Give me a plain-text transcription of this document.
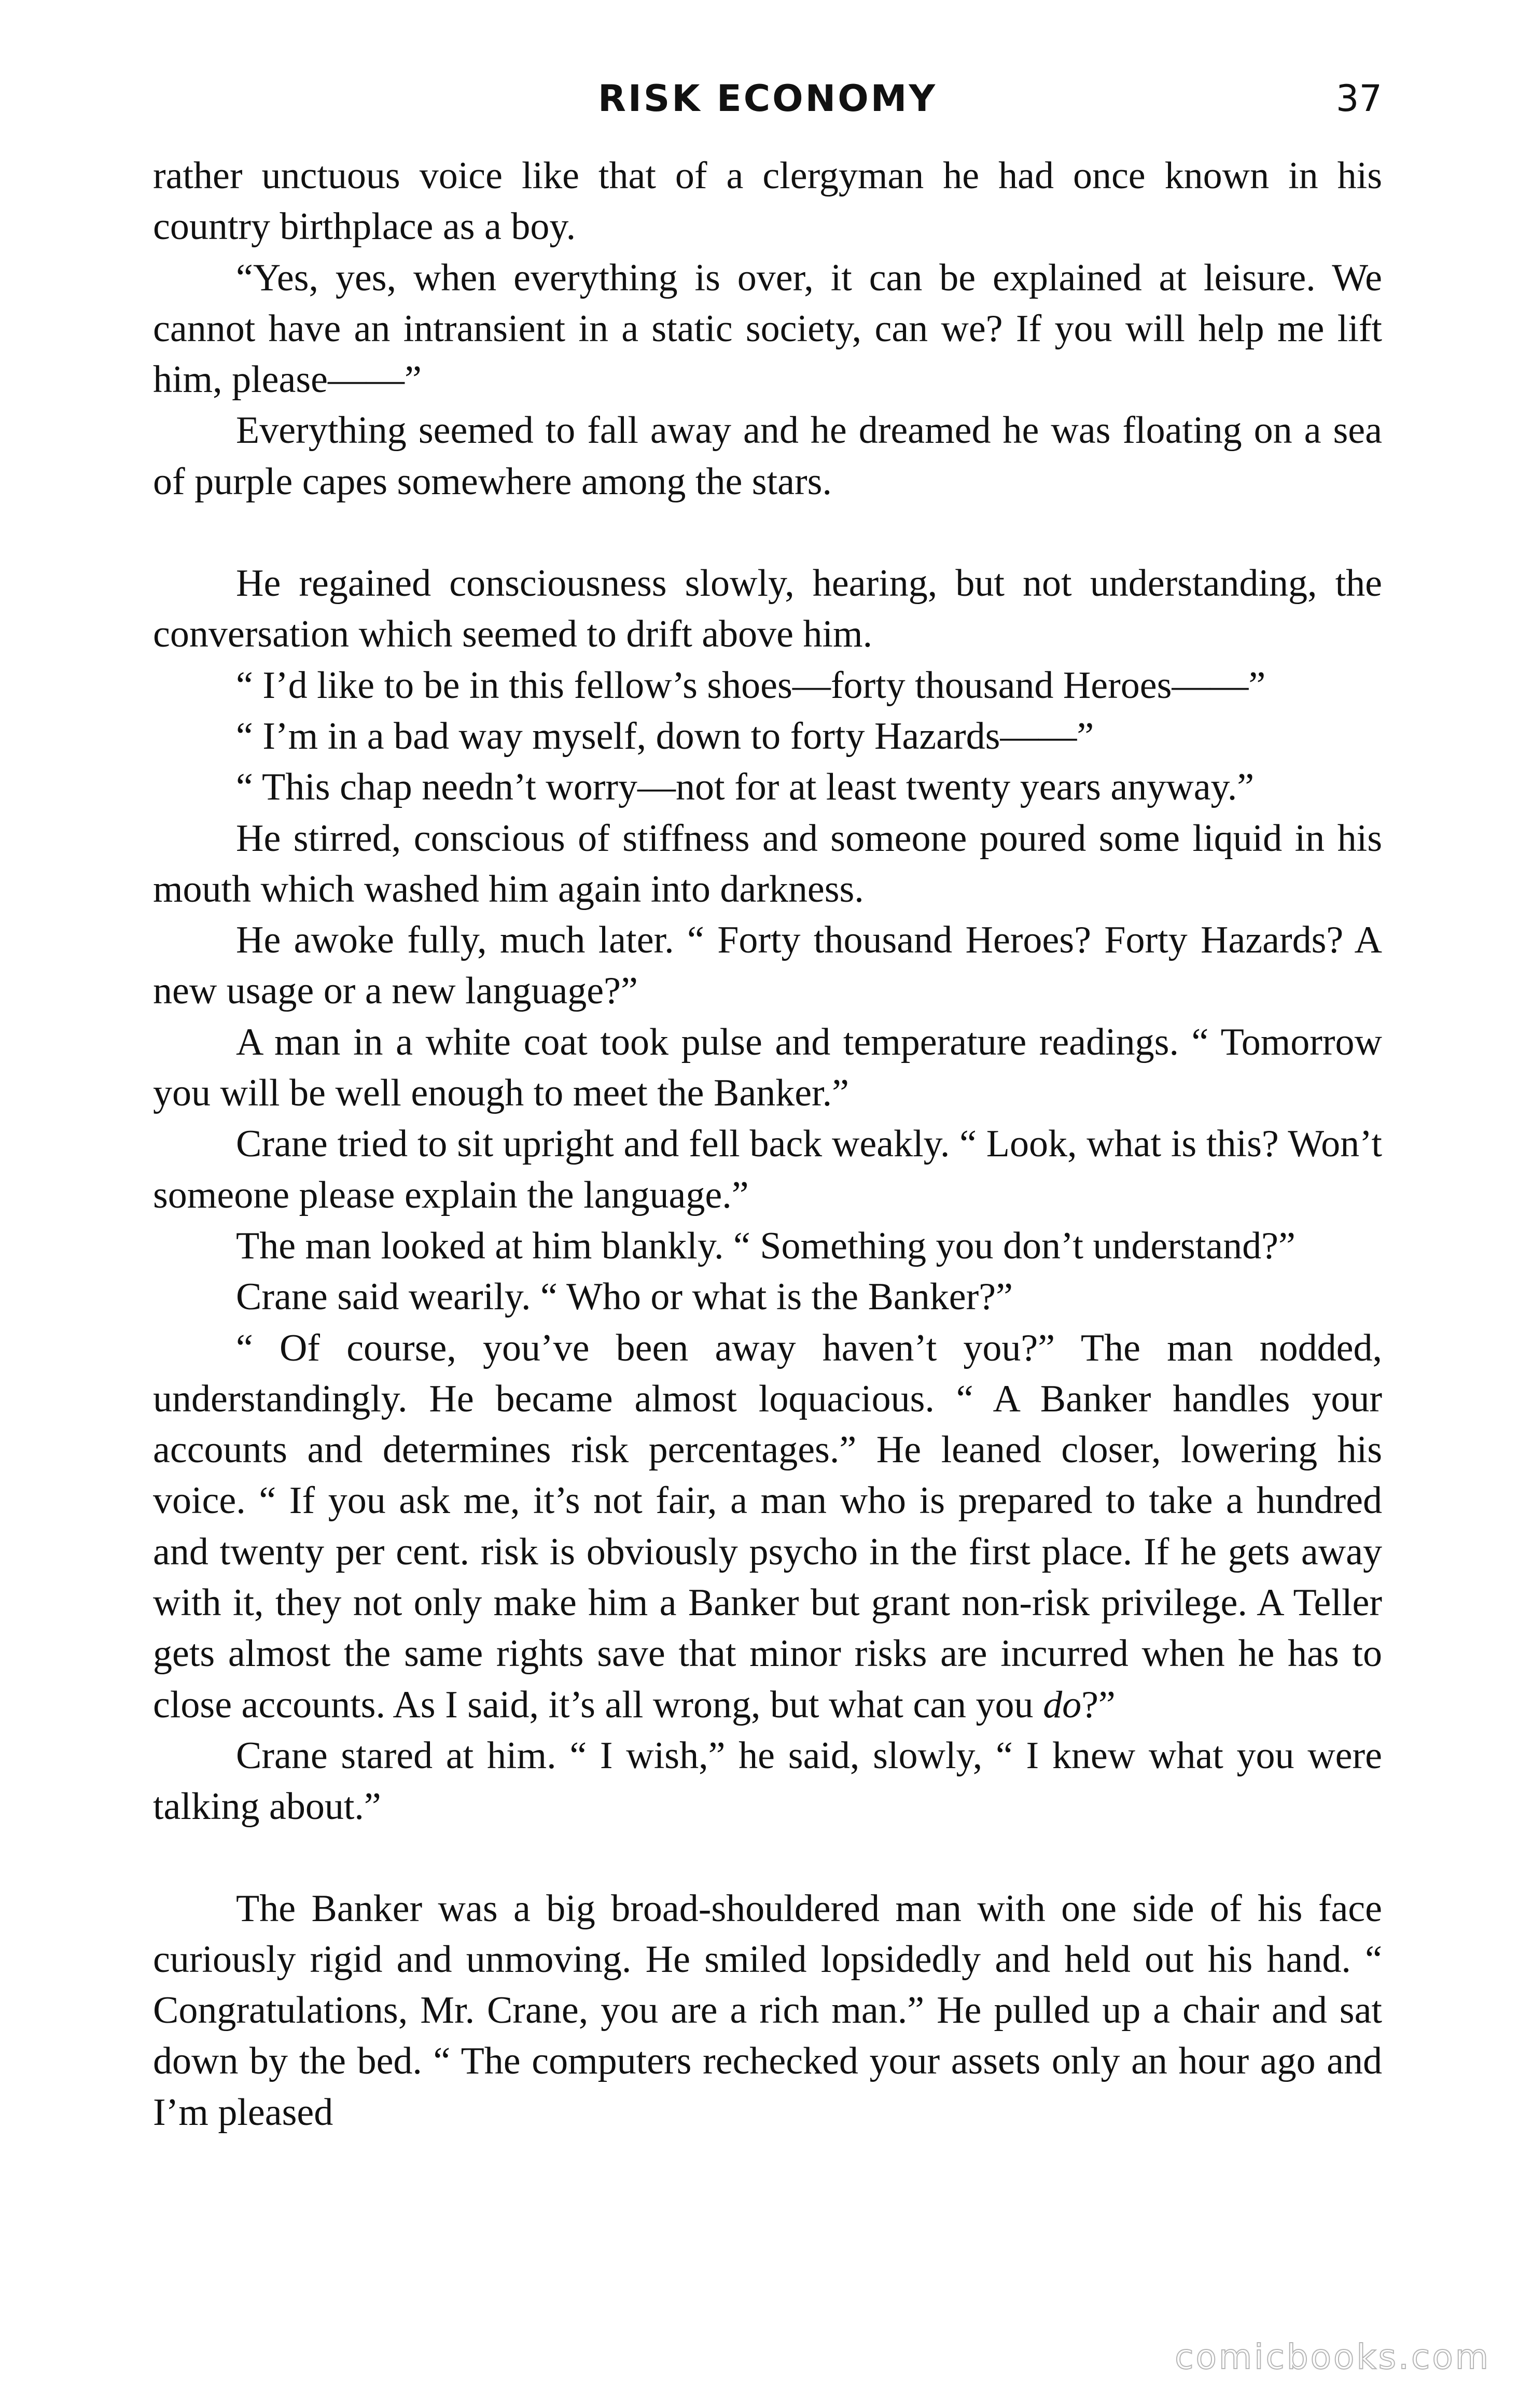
RISK ECONOMY	37

rather unctuous voice like that of a clergyman he had once known in his country birthplace as a boy.

“Yes, yes, when everything is over, it can be explained at leisure. We cannot have an intransient in a static society, can we? If you will help me lift him, please——”

Everything seemed to fall away and he dreamed he was floating on a sea of purple capes somewhere among the stars.

He regained consciousness slowly, hearing, but not understanding, the conversation which seemed to drift above him.

“ I’d like to be in this fellow’s shoes—forty thousand Heroes——”

“ I’m in a bad way myself, down to forty Hazards——”

“ This chap needn’t worry—not for at least twenty years anyway.”

He stirred, conscious of stiffness and someone poured some liquid in his mouth which washed him again into darkness.

He awoke fully, much later. “ Forty thousand Heroes? Forty Hazards? A new usage or a new language?”

A man in a white coat took pulse and temperature readings. “ Tomorrow you will be well enough to meet the Banker.”

Crane tried to sit upright and fell back weakly. “ Look, what is this? Won’t someone please explain the language.”

The man looked at him blankly. “ Something you don’t understand?”

Crane said wearily. “ Who or what is the Banker?”

“ Of course, you’ve been away haven’t you?” The man nodded, understandingly. He became almost loquacious. “ A Banker handles your accounts and determines risk percentages.” He leaned closer, lowering his voice. “ If you ask me, it’s not fair, a man who is prepared to take a hundred and twenty per cent. risk is obviously psycho in the first place. If he gets away with it, they not only make him a Banker but grant non-risk privilege. A Teller gets almost the same rights save that minor risks are incurred when he has to close accounts. As I said, it’s all wrong, but what can you do?”

Crane stared at him. “ I wish,” he said, slowly, “ I knew what you were talking about.”

The Banker was a big broad-shouldered man with one side of his face curiously rigid and unmoving. He smiled lopsidedly and held out his hand. “ Congratulations, Mr. Crane, you are a rich man.” He pulled up a chair and sat down by the bed. “ The computers rechecked your assets only an hour ago and I’m pleased

comicbooks.com
